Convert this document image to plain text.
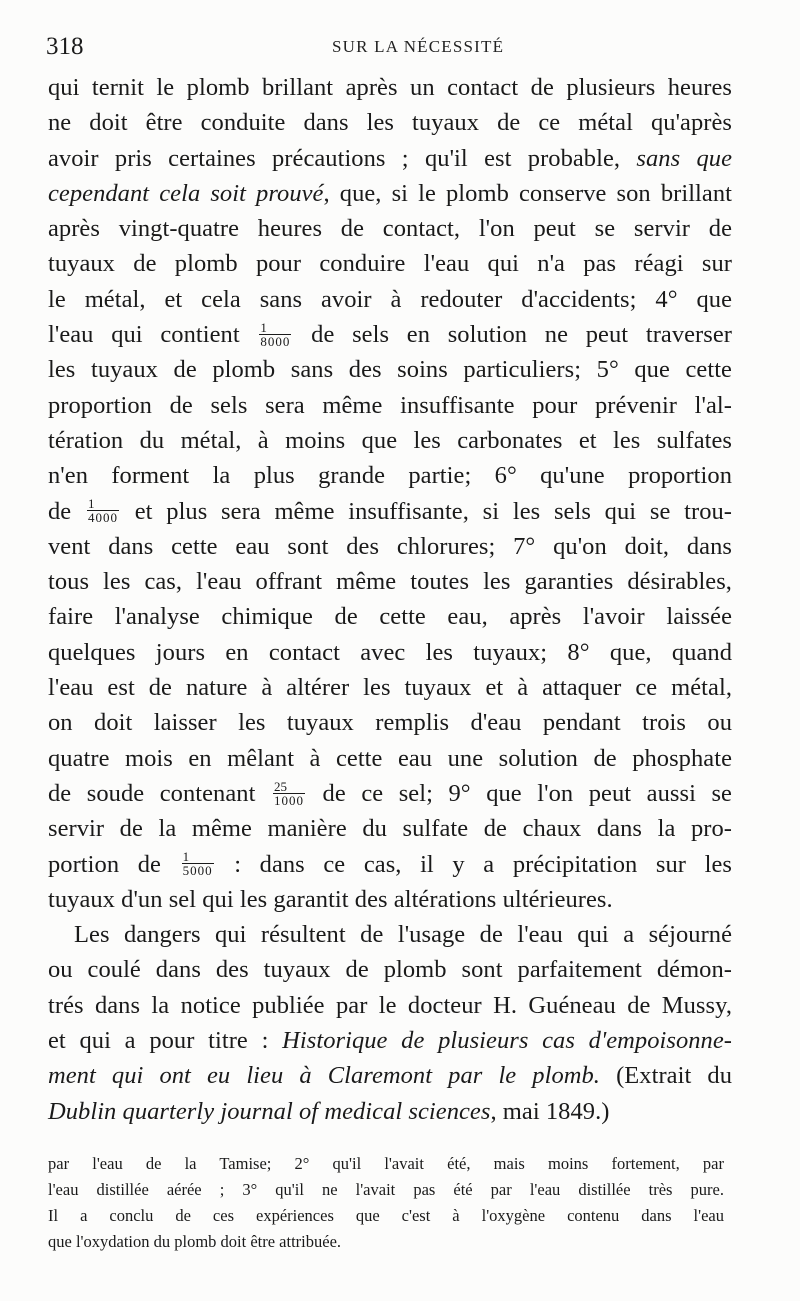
318	SUR LA NÉCESSITÉ
qui ternit le plomb brillant après un contact de plusieurs heures
ne doit être conduite dans les tuyaux de ce métal qu'après
avoir pris certaines précautions ; qu'il est probable, sans que
cependant cela soit prouvé, que, si le plomb conserve son brillant
après vingt-quatre heures de contact, l'on peut se servir de
tuyaux de plomb pour conduire l'eau qui n'a pas réagi sur
le métal, et cela sans avoir à redouter d'accidents; 4° que
l'eau qui contient $\frac{1}{8000}$ de sels en solution ne peut traverser
les tuyaux de plomb sans des soins particuliers; 5° que cette
proportion de sels sera même insuffisante pour prévenir l'al-
tération du métal, à moins que les carbonates et les sulfates
n'en forment la plus grande partie; 6° qu'une proportion
de $\frac{1}{4000}$ et plus sera même insuffisante, si les sels qui se trou-
vent dans cette eau sont des chlorures; 7° qu'on doit, dans
tous les cas, l'eau offrant même toutes les garanties désirables,
faire l'analyse chimique de cette eau, après l'avoir laissée
quelques jours en contact avec les tuyaux; 8° que, quand
l'eau est de nature à altérer les tuyaux et à attaquer ce métal,
on doit laisser les tuyaux remplis d'eau pendant trois ou
quatre mois en mêlant à cette eau une solution de phosphate
de soude contenant $\frac{25}{1000}$ de ce sel; 9° que l'on peut aussi se
servir de la même manière du sulfate de chaux dans la pro-
portion de $\frac{1}{5000}$ : dans ce cas, il y a précipitation sur les
tuyaux d'un sel qui les garantit des altérations ultérieures.
Les dangers qui résultent de l'usage de l'eau qui a séjourné
ou coulé dans des tuyaux de plomb sont parfaitement démon-
trés dans la notice publiée par le docteur H. Guéneau de Mussy,
et qui a pour titre : Historique de plusieurs cas d'empoisonne-
ment qui ont eu lieu à Claremont par le plomb. (Extrait du
Dublin quarterly journal of medical sciences, mai 1849.)
par l'eau de la Tamise; 2° qu'il l'avait été, mais moins fortement, par
l'eau distillée aérée ; 3° qu'il ne l'avait pas été par l'eau distillée très pure.
Il a conclu de ces expériences que c'est à l'oxygène contenu dans l'eau
que l'oxydation du plomb doit être attribuée.
